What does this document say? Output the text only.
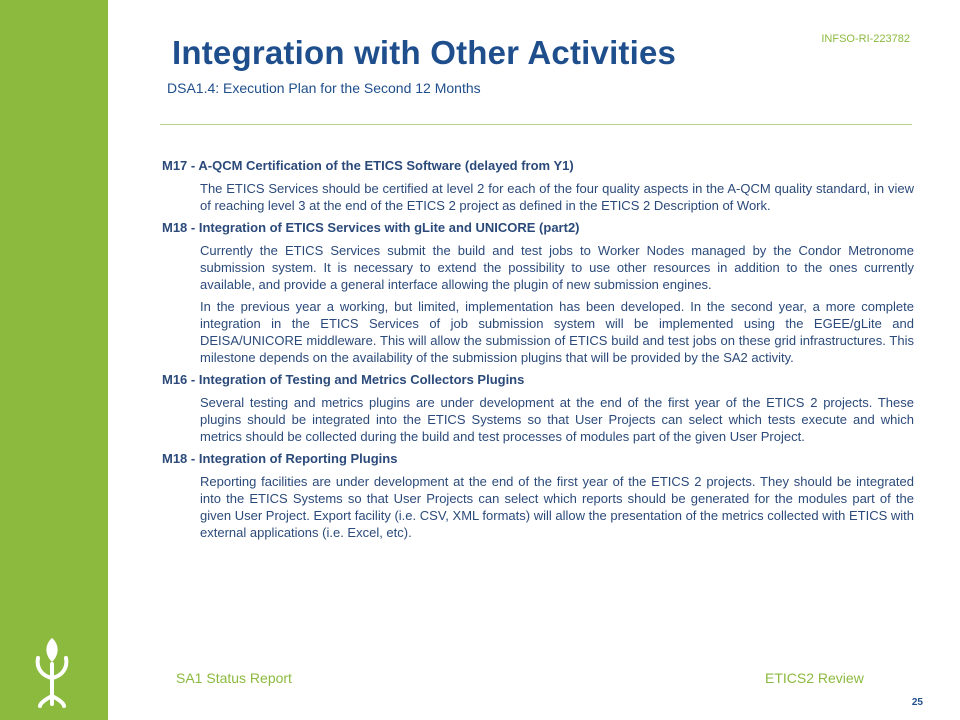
INFSO-RI-223782
Integration with Other Activities
DSA1.4: Execution Plan for the Second 12 Months
M17 - A-QCM Certification of the ETICS Software (delayed from Y1)

The ETICS Services should be certified at level 2 for each of the four quality aspects in the A-QCM quality standard, in view of reaching level 3 at the end of the ETICS 2 project as defined in the ETICS 2 Description of Work.

M18 - Integration of ETICS Services with gLite and UNICORE (part2)

Currently the ETICS Services submit the build and test jobs to Worker Nodes managed by the Condor Metronome submission system. It is necessary to extend the possibility to use other resources in addition to the ones currently available, and provide a general interface allowing the plugin of new submission engines.

In the previous year a working, but limited, implementation has been developed. In the second year, a more complete integration in the ETICS Services of job submission system will be implemented using the EGEE/gLite and DEISA/UNICORE middleware. This will allow the submission of ETICS build and test jobs on these grid infrastructures. This milestone depends on the availability of the submission plugins that will be provided by the SA2 activity.

M16 - Integration of Testing and Metrics Collectors Plugins

Several testing and metrics plugins are under development at the end of the first year of the ETICS 2 projects. These plugins should be integrated into the ETICS Systems so that User Projects can select which tests execute and which metrics should be collected during the build and test processes of modules part of the given User Project.

M18 - Integration of Reporting Plugins

Reporting facilities are under development at the end of the first year of the ETICS 2 projects. They should be integrated into the ETICS Systems so that User Projects can select which reports should be generated for the modules part of the given User Project. Export facility (i.e. CSV, XML formats) will allow the presentation of the metrics collected with ETICS with external applications (i.e. Excel, etc).

SA1 Status Report	ETICS2 Review
25
